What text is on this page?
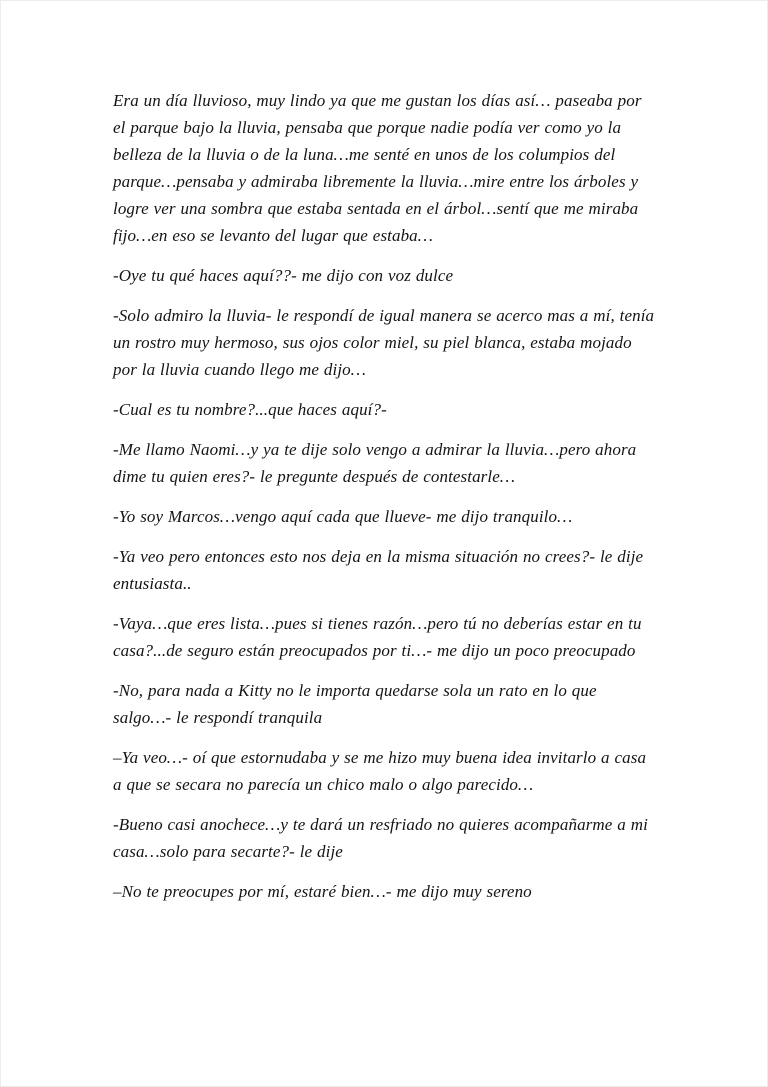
Era un día lluvioso, muy lindo ya que me gustan los días así… paseaba por el parque bajo la lluvia, pensaba que porque nadie podía ver como yo la belleza de la lluvia o de la luna…me senté en unos de los columpios del parque…pensaba y admiraba libremente la lluvia…mire entre los árboles y logre ver una sombra que estaba sentada en el árbol…sentí que me miraba fijo…en eso se levanto del lugar que estaba…

-Oye tu qué haces aquí??- me dijo con voz dulce

-Solo admiro la lluvia- le respondí de igual manera se acerco mas a mí, tenía un rostro muy hermoso, sus ojos color miel, su piel blanca, estaba mojado por la lluvia cuando llego me dijo…

-Cual es tu nombre?...que haces aquí?-

-Me llamo Naomi…y ya te dije solo vengo a admirar la lluvia…pero ahora dime tu quien eres?- le pregunte después de contestarle…

-Yo soy Marcos…vengo aquí cada que llueve- me dijo tranquilo…

-Ya veo pero entonces esto nos deja en la misma situación no crees?- le dije entusiasta..

-Vaya…que eres lista…pues si tienes razón…pero tú no deberías estar en tu casa?...de seguro están preocupados por ti…- me dijo un poco preocupado

-No, para nada a Kitty no le importa quedarse sola un rato en lo que salgo…- le respondí tranquila

–Ya veo…- oí que estornudaba y se me hizo muy buena idea invitarlo a casa a que se secara no parecía un chico malo o algo parecido…

-Bueno casi anochece…y te dará un resfriado no quieres acompañarme a mi casa…solo para secarte?- le dije

–No te preocupes por mí, estaré bien…- me dijo muy sereno
